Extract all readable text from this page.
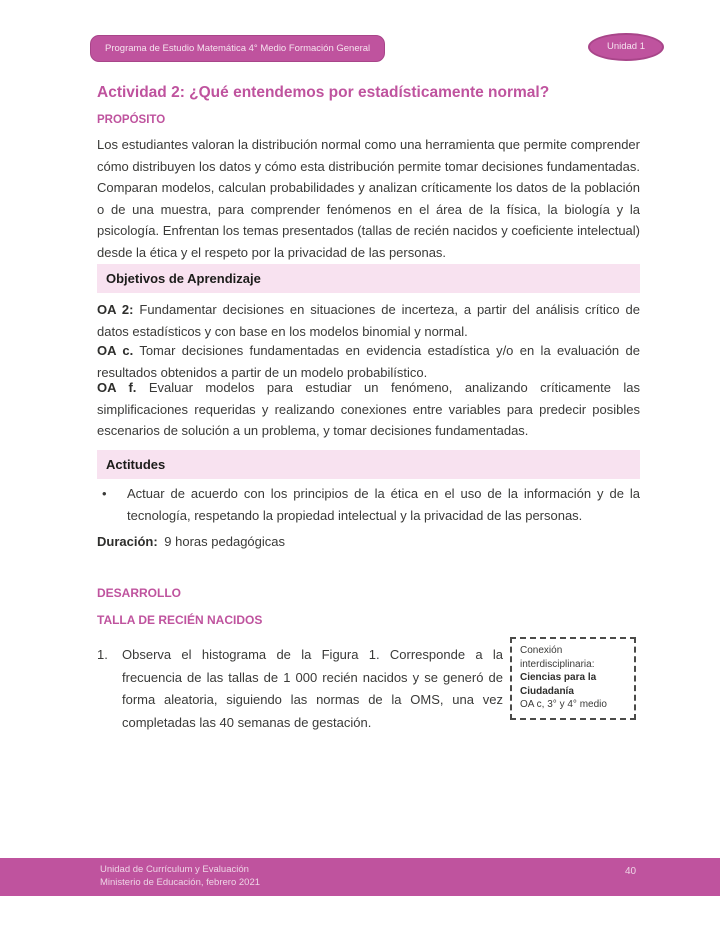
Programa de Estudio Matemática 4° Medio Formación General	Unidad 1
Actividad 2: ¿Qué entendemos por estadísticamente normal?
PROPÓSITO
Los estudiantes valoran la distribución normal como una herramienta que permite comprender cómo distribuyen los datos y cómo esta distribución permite tomar decisiones fundamentadas. Comparan modelos, calculan probabilidades y analizan críticamente los datos de la población o de una muestra, para comprender fenómenos en el área de la física, la biología y la psicología. Enfrentan los temas presentados (tallas de recién nacidos y coeficiente intelectual) desde la ética y el respeto por la privacidad de las personas.
Objetivos de Aprendizaje
OA 2: Fundamentar decisiones en situaciones de incerteza, a partir del análisis crítico de datos estadísticos y con base en los modelos binomial y normal.
OA c. Tomar decisiones fundamentadas en evidencia estadística y/o en la evaluación de resultados obtenidos a partir de un modelo probabilístico.
OA f. Evaluar modelos para estudiar un fenómeno, analizando críticamente las simplificaciones requeridas y realizando conexiones entre variables para predecir posibles escenarios de solución a un problema, y tomar decisiones fundamentadas.
Actitudes
•	Actuar de acuerdo con los principios de la ética en el uso de la información y de la tecnología, respetando la propiedad intelectual y la privacidad de las personas.
Duración: 9 horas pedagógicas
DESARROLLO
TALLA DE RECIÉN NACIDOS
1.	Observa el histograma de la Figura 1. Corresponde a la frecuencia de las tallas de 1 000 recién nacidos y se generó de forma aleatoria, siguiendo las normas de la OMS, una vez completadas las 40 semanas de gestación.
Conexión interdisciplinaria:
Ciencias para la Ciudadanía
OA c, 3° y 4° medio
Unidad de Currículum y Evaluación
Ministerio de Educación, febrero 2021
40
